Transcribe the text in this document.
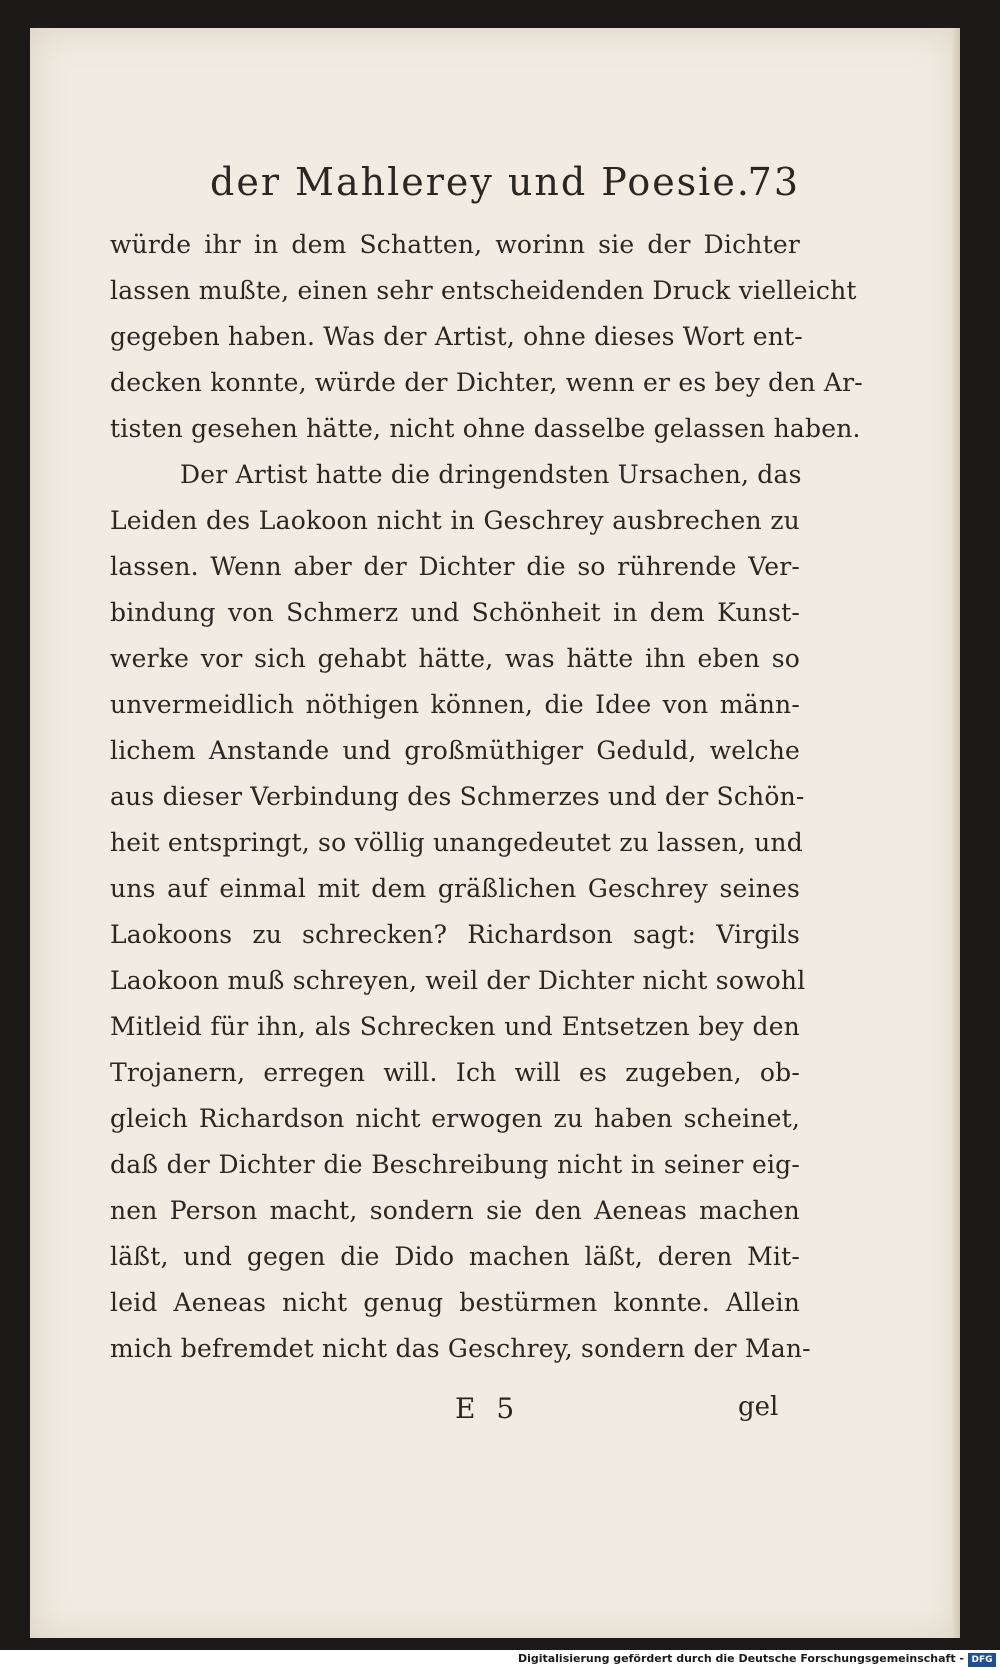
der Mahlerey und Poesie.
73
würde ihr in dem Schatten, worinn sie der Dichter
lassen mußte, einen sehr entscheidenden Druck vielleicht
gegeben haben. Was der Artist, ohne dieses Wort ent-
decken konnte, würde der Dichter, wenn er es bey den Ar-
tisten gesehen hätte, nicht ohne dasselbe gelassen haben.
Der Artist hatte die dringendsten Ursachen, das
Leiden des Laokoon nicht in Geschrey ausbrechen zu
lassen. Wenn aber der Dichter die so rührende Ver-
bindung von Schmerz und Schönheit in dem Kunst-
werke vor sich gehabt hätte, was hätte ihn eben so
unvermeidlich nöthigen können, die Idee von männ-
lichem Anstande und großmüthiger Geduld, welche
aus dieser Verbindung des Schmerzes und der Schön-
heit entspringt, so völlig unangedeutet zu lassen, und
uns auf einmal mit dem gräßlichen Geschrey seines
Laokoons zu schrecken? Richardson sagt: Virgils
Laokoon muß schreyen, weil der Dichter nicht sowohl
Mitleid für ihn, als Schrecken und Entsetzen bey den
Trojanern, erregen will. Ich will es zugeben, ob-
gleich Richardson nicht erwogen zu haben scheinet,
daß der Dichter die Beschreibung nicht in seiner eig-
nen Person macht, sondern sie den Aeneas machen
läßt, und gegen die Dido machen läßt, deren Mit-
leid Aeneas nicht genug bestürmen konnte. Allein
mich befremdet nicht das Geschrey, sondern der Man-
E 5	gel
Digitalisierung gefördert durch die Deutsche Forschungsgemeinschaft - DFG
